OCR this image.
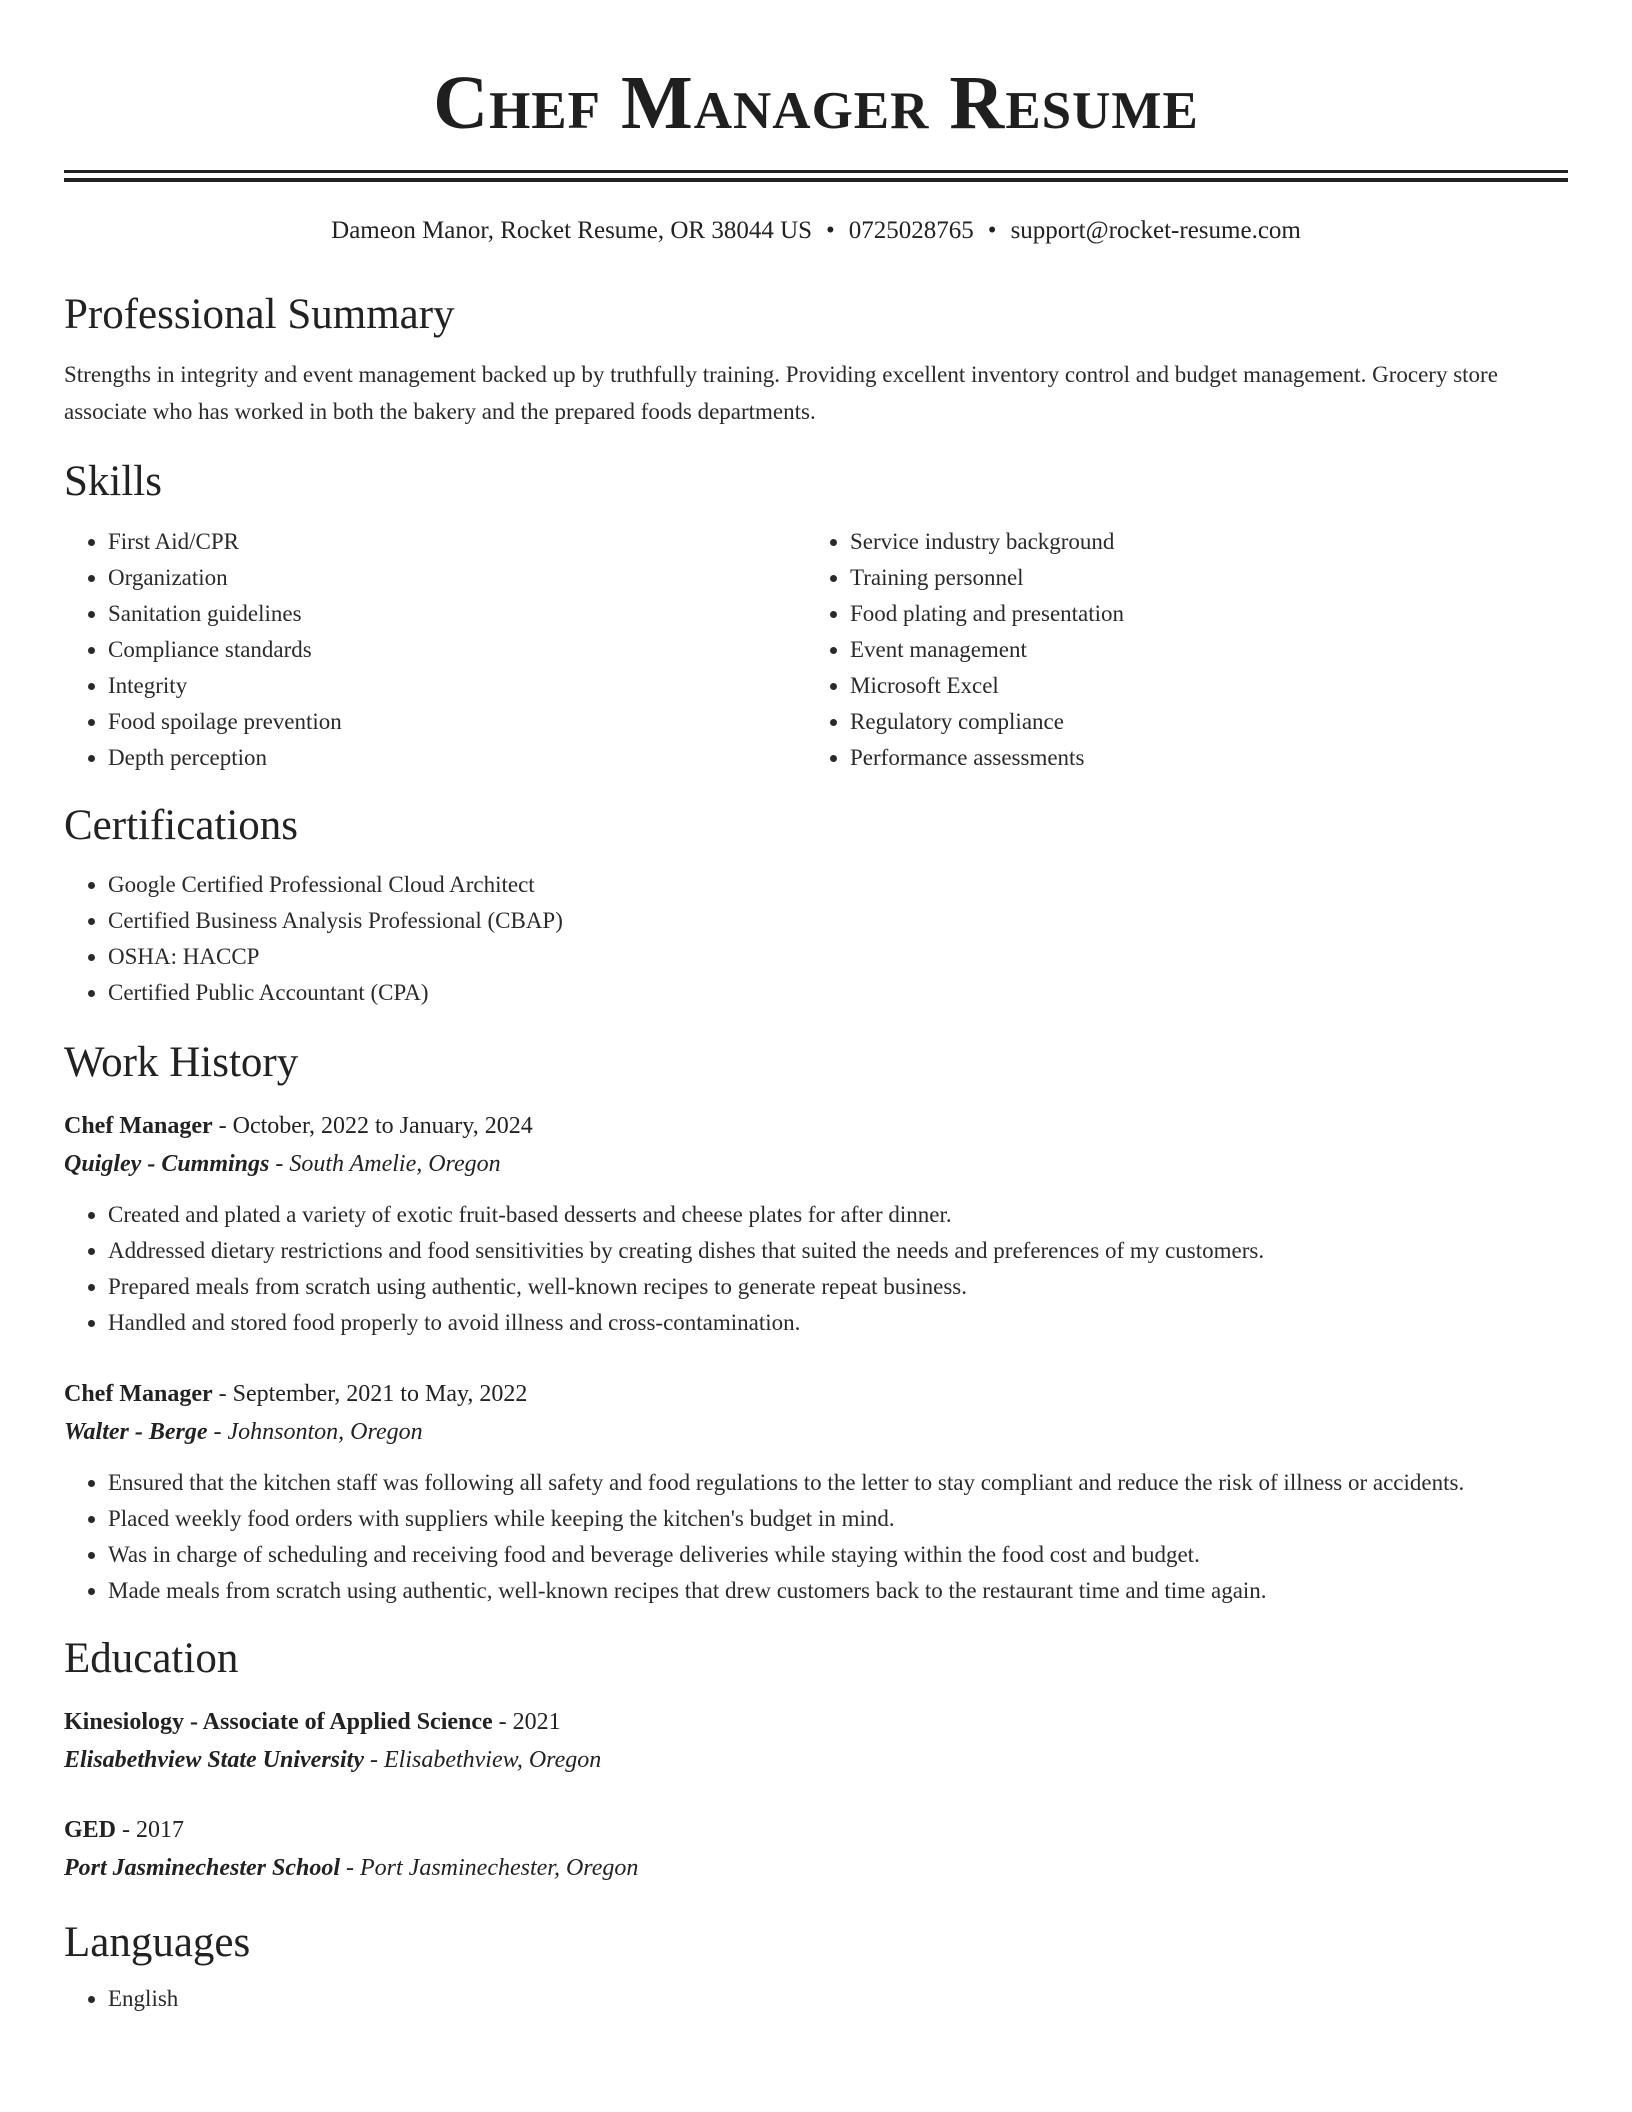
Chef Manager Resume
Dameon Manor, Rocket Resume, OR 38044 US • 0725028765 • support@rocket-resume.com
Professional Summary

Strengths in integrity and event management backed up by truthfully training. Providing excellent inventory control and budget management. Grocery store associate who has worked in both the bakery and the prepared foods departments.

Skills
• First Aid/CPR
• Organization
• Sanitation guidelines
• Compliance standards
• Integrity
• Food spoilage prevention
• Depth perception
• Service industry background
• Training personnel
• Food plating and presentation
• Event management
• Microsoft Excel
• Regulatory compliance
• Performance assessments
Certifications
• Google Certified Professional Cloud Architect
• Certified Business Analysis Professional (CBAP)
• OSHA: HACCP
• Certified Public Accountant (CPA)
Work History
Chef Manager - October, 2022 to January, 2024
Quigley - Cummings - South Amelie, Oregon
• Created and plated a variety of exotic fruit-based desserts and cheese plates for after dinner.
• Addressed dietary restrictions and food sensitivities by creating dishes that suited the needs and preferences of my customers.
• Prepared meals from scratch using authentic, well-known recipes to generate repeat business.
• Handled and stored food properly to avoid illness and cross-contamination.
Chef Manager - September, 2021 to May, 2022
Walter - Berge - Johnsonton, Oregon
• Ensured that the kitchen staff was following all safety and food regulations to the letter to stay compliant and reduce the risk of illness or accidents.
• Placed weekly food orders with suppliers while keeping the kitchen's budget in mind.
• Was in charge of scheduling and receiving food and beverage deliveries while staying within the food cost and budget.
• Made meals from scratch using authentic, well-known recipes that drew customers back to the restaurant time and time again.
Education
Kinesiology - Associate of Applied Science - 2021
Elisabethview State University - Elisabethview, Oregon
GED - 2017
Port Jasminechester School - Port Jasminechester, Oregon
Languages
• English
